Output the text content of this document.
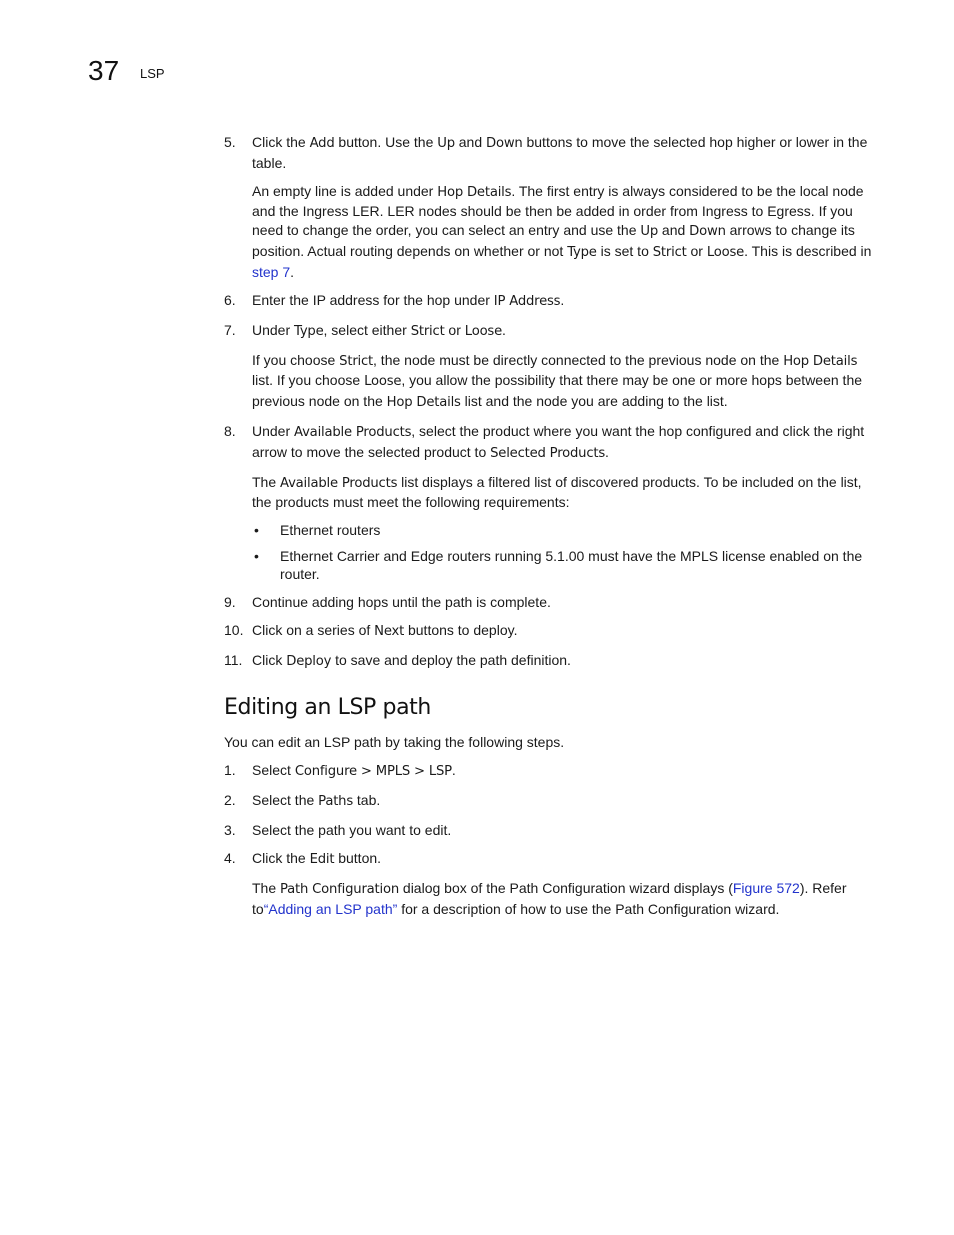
37 LSP
5.	Click the Add button. Use the Up and Down buttons to move the selected hop higher or lower in the table.
An empty line is added under Hop Details. The first entry is always considered to be the local node and the Ingress LER. LER nodes should be then be added in order from Ingress to Egress. If you need to change the order, you can select an entry and use the Up and Down arrows to change its position. Actual routing depends on whether or not Type is set to Strict or Loose. This is described in step 7.
6.	Enter the IP address for the hop under IP Address.
7.	Under Type, select either Strict or Loose.
If you choose Strict, the node must be directly connected to the previous node on the Hop Details list. If you choose Loose, you allow the possibility that there may be one or more hops between the previous node on the Hop Details list and the node you are adding to the list.
8.	Under Available Products, select the product where you want the hop configured and click the right arrow to move the selected product to Selected Products.
The Available Products list displays a filtered list of discovered products. To be included on the list, the products must meet the following requirements:
• Ethernet routers
• Ethernet Carrier and Edge routers running 5.1.00 must have the MPLS license enabled on the router.
9.	Continue adding hops until the path is complete.
10. Click on a series of Next buttons to deploy.
11. Click Deploy to save and deploy the path definition.
Editing an LSP path
You can edit an LSP path by taking the following steps.
1.	Select Configure > MPLS > LSP.
2.	Select the Paths tab.
3.	Select the path you want to edit.
4.	Click the Edit button.
The Path Configuration dialog box of the Path Configuration wizard displays (Figure 572). Refer to“Adding an LSP path” for a description of how to use the Path Configuration wizard.
